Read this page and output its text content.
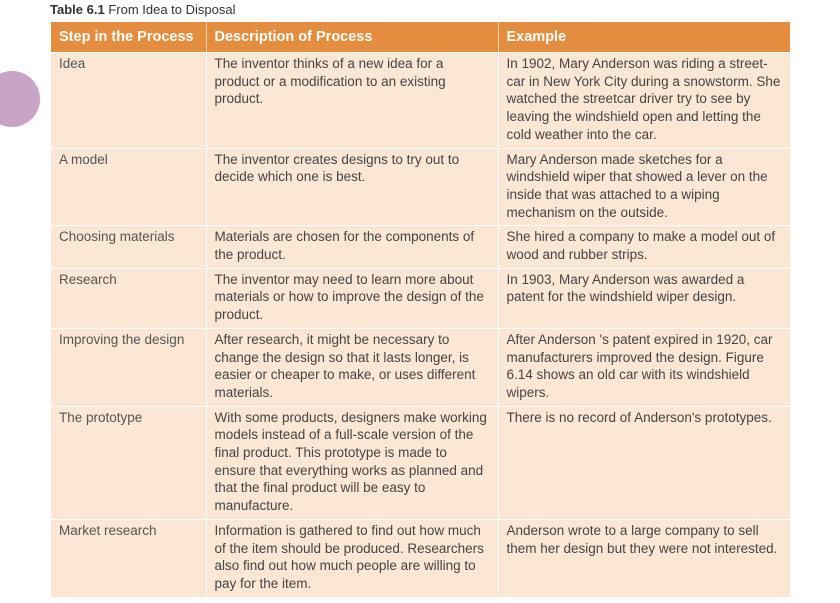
Table 6.1 From Idea to Disposal
Step in the Process	Description of Process	Example
Idea	The inventor thinks of a new idea for a product or a modification to an existing product.	In 1902, Mary Anderson was riding a street-car in New York City during a snowstorm. She watched the streetcar driver try to see by leaving the windshield open and letting the cold weather into the car.
A model	The inventor creates designs to try out to decide which one is best.	Mary Anderson made sketches for a windshield wiper that showed a lever on the inside that was attached to a wiping mechanism on the outside.
Choosing materials	Materials are chosen for the components of the product.	She hired a company to make a model out of wood and rubber strips.
Research	The inventor may need to learn more about materials or how to improve the design of the product.	In 1903, Mary Anderson was awarded a patent for the windshield wiper design.
Improving the design	After research, it might be necessary to change the design so that it lasts longer, is easier or cheaper to make, or uses different materials.	After Anderson 's patent expired in 1920, car manufacturers improved the design. Figure 6.14 shows an old car with its windshield wipers.
The prototype	With some products, designers make working models instead of a full-scale version of the final product. This prototype is made to ensure that everything works as planned and that the final product will be easy to manufacture.	There is no record of Anderson's prototypes.
Market research	Information is gathered to find out how much of the item should be produced. Researchers also find out how much people are willing to pay for the item.	Anderson wrote to a large company to sell them her design but they were not interested.
